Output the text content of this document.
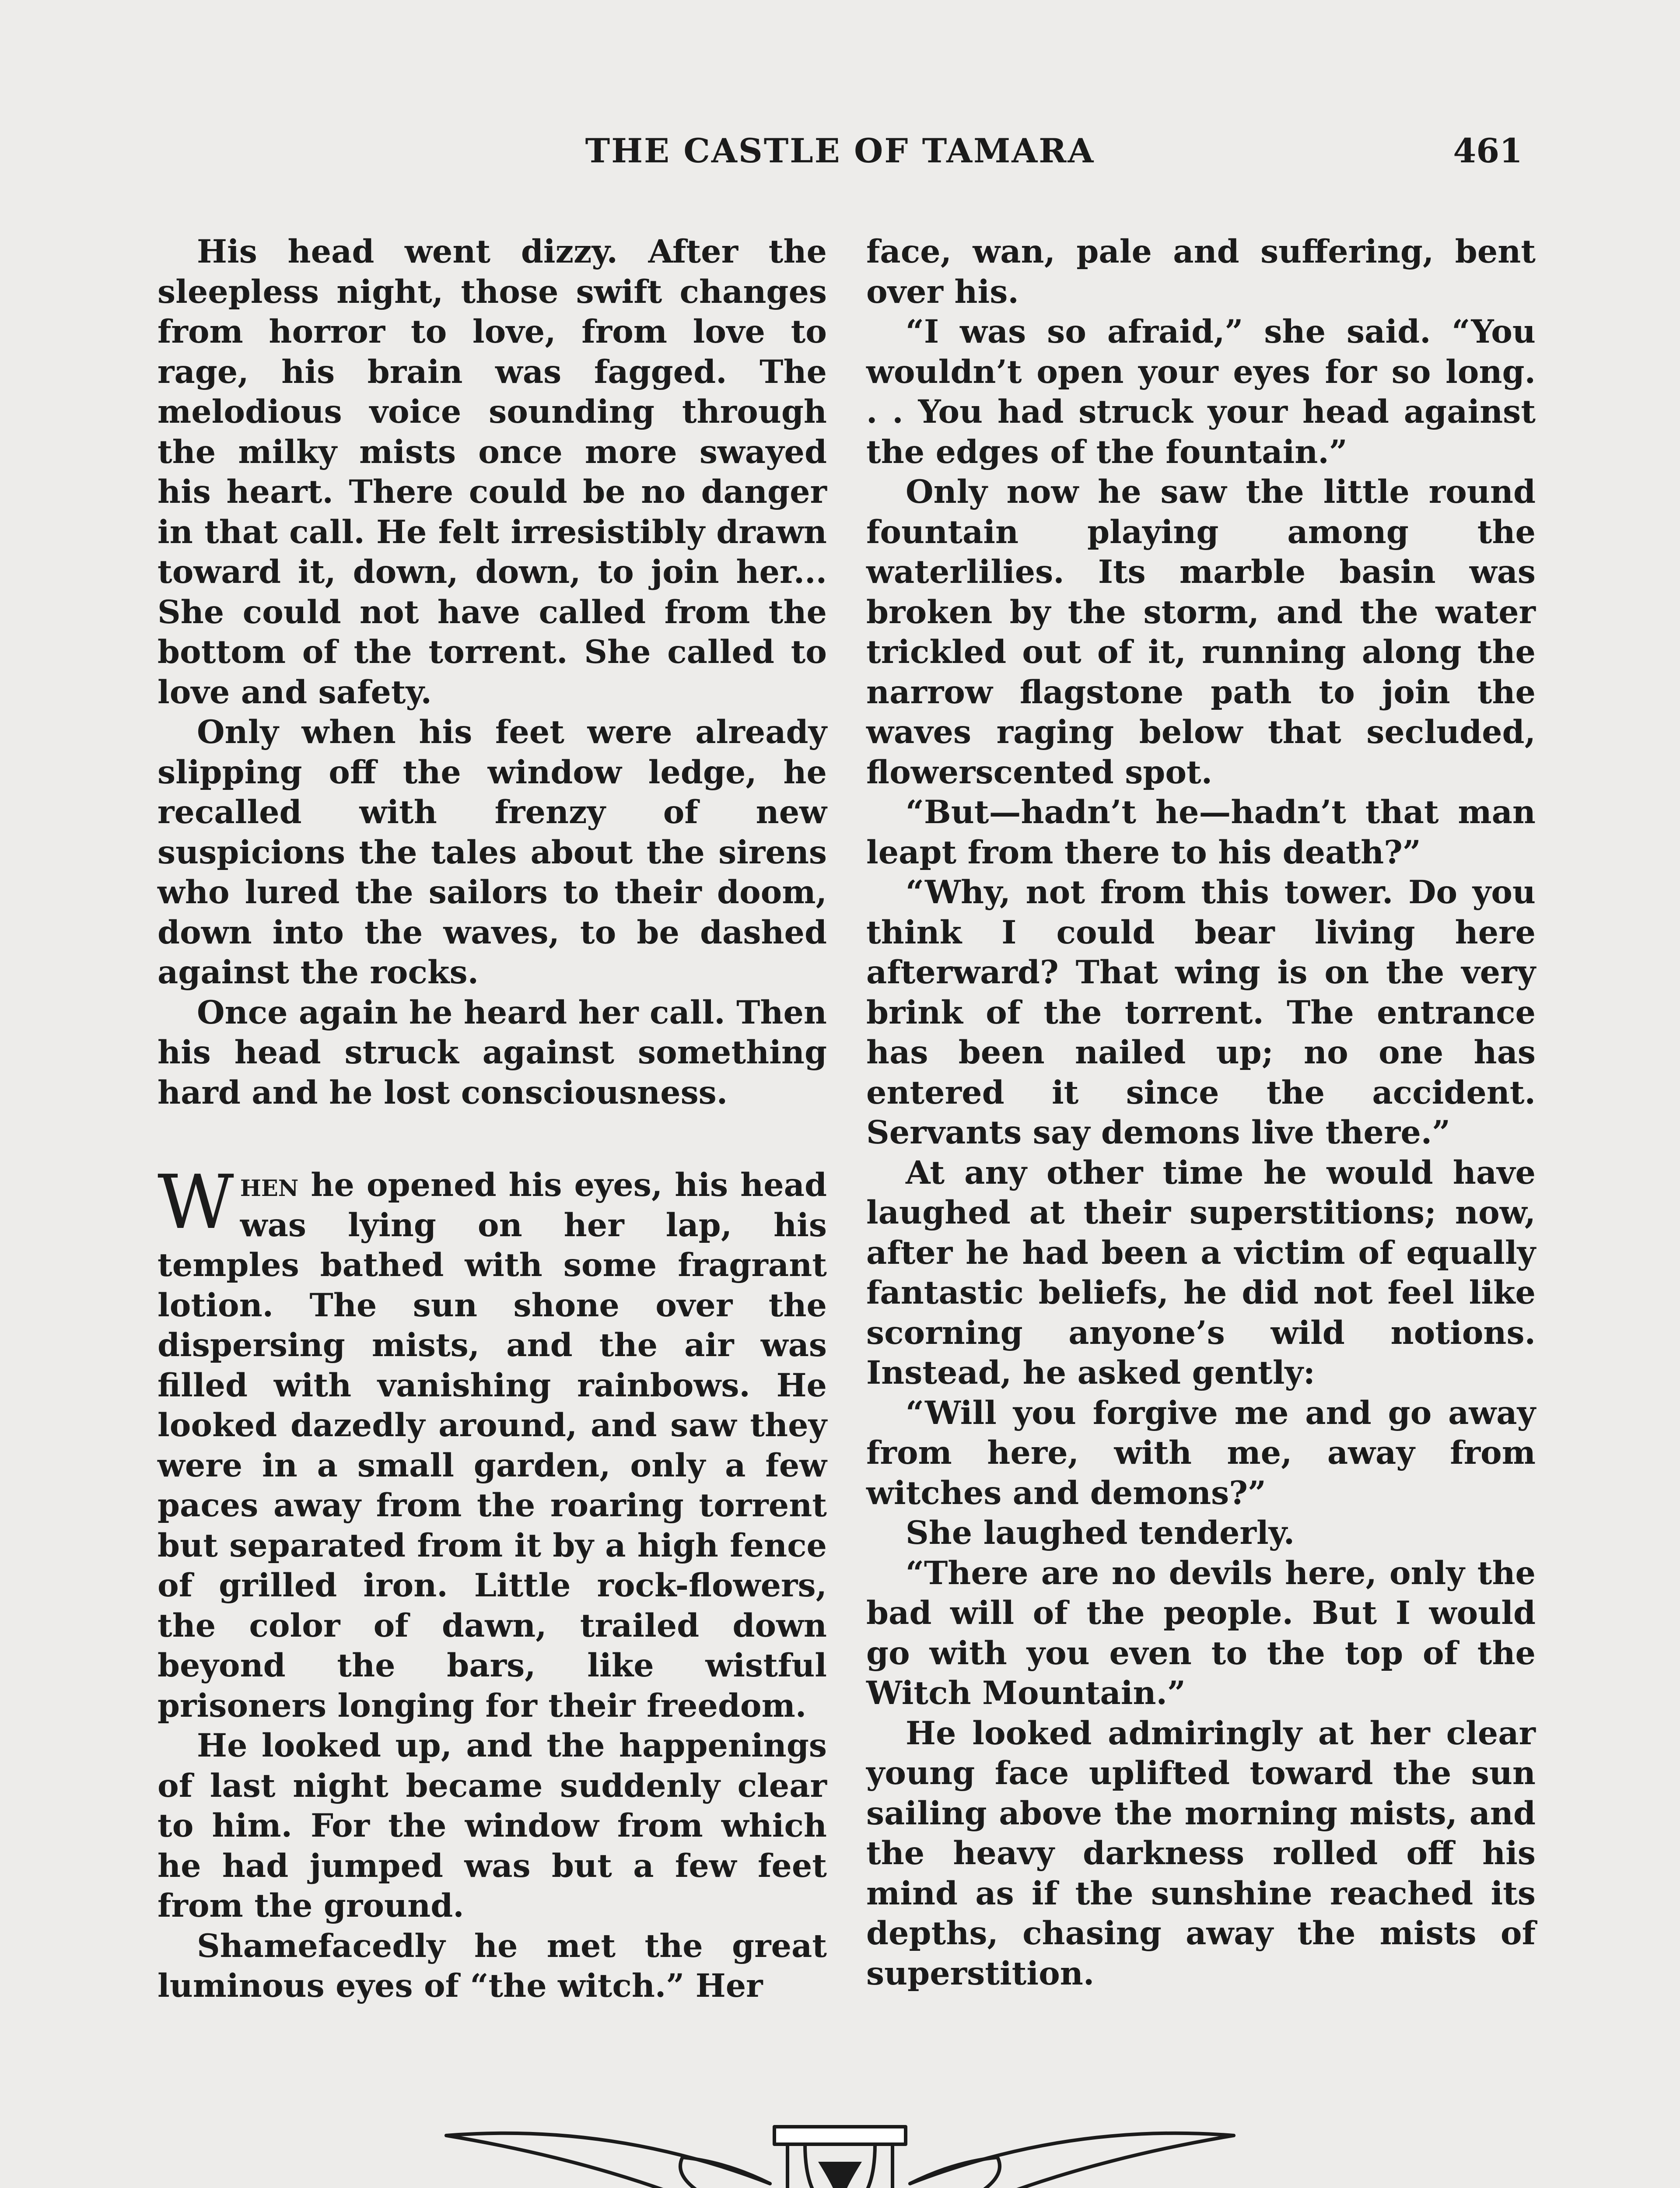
THE CASTLE OF TAMARA	461

His head went dizzy. After the sleepless night, those swift changes from horror to love, from love to rage, his brain was fagged. The melodious voice sounding through the milky mists once more swayed his heart. There could be no danger in that call. He felt irresistibly drawn toward it, down, down, to join her... She could not have called from the bottom of the torrent. She called to love and safety.

Only when his feet were already slipping off the window ledge, he recalled with frenzy of new suspicions the tales about the sirens who lured the sailors to their doom, down into the waves, to be dashed against the rocks.

Once again he heard her call. Then his head struck against something hard and he lost consciousness.

When he opened his eyes, his head was lying on her lap, his temples bathed with some fragrant lotion. The sun shone over the dispersing mists, and the air was filled with vanishing rainbows. He looked dazedly around, and saw they were in a small garden, only a few paces away from the roaring torrent but separated from it by a high fence of grilled iron. Little rock-flowers, the color of dawn, trailed down beyond the bars, like wistful prisoners longing for their freedom.

He looked up, and the happenings of last night became suddenly clear to him. For the window from which he had jumped was but a few feet from the ground.

Shamefacedly he met the great luminous eyes of “the witch.” Her

face, wan, pale and suffering, bent over his.

“I was so afraid,” she said. “You wouldn’t open your eyes for so long. . . You had struck your head against the edges of the fountain.”

Only now he saw the little round fountain playing among the waterlilies. Its marble basin was broken by the storm, and the water trickled out of it, running along the narrow flagstone path to join the waves raging below that secluded, flowerscented spot.

“But—hadn’t he—hadn’t that man leapt from there to his death?”

“Why, not from this tower. Do you think I could bear living here afterward? That wing is on the very brink of the torrent. The entrance has been nailed up; no one has entered it since the accident. Servants say demons live there.”

At any other time he would have laughed at their superstitions; now, after he had been a victim of equally fantastic beliefs, he did not feel like scorning anyone’s wild notions. Instead, he asked gently:

“Will you forgive me and go away from here, with me, away from witches and demons?”

She laughed tenderly.

“There are no devils here, only the bad will of the people. But I would go with you even to the top of the Witch Mountain.”

He looked admiringly at her clear young face uplifted toward the sun sailing above the morning mists, and the heavy darkness rolled off his mind as if the sunshine reached its depths, chasing away the mists of superstition.
